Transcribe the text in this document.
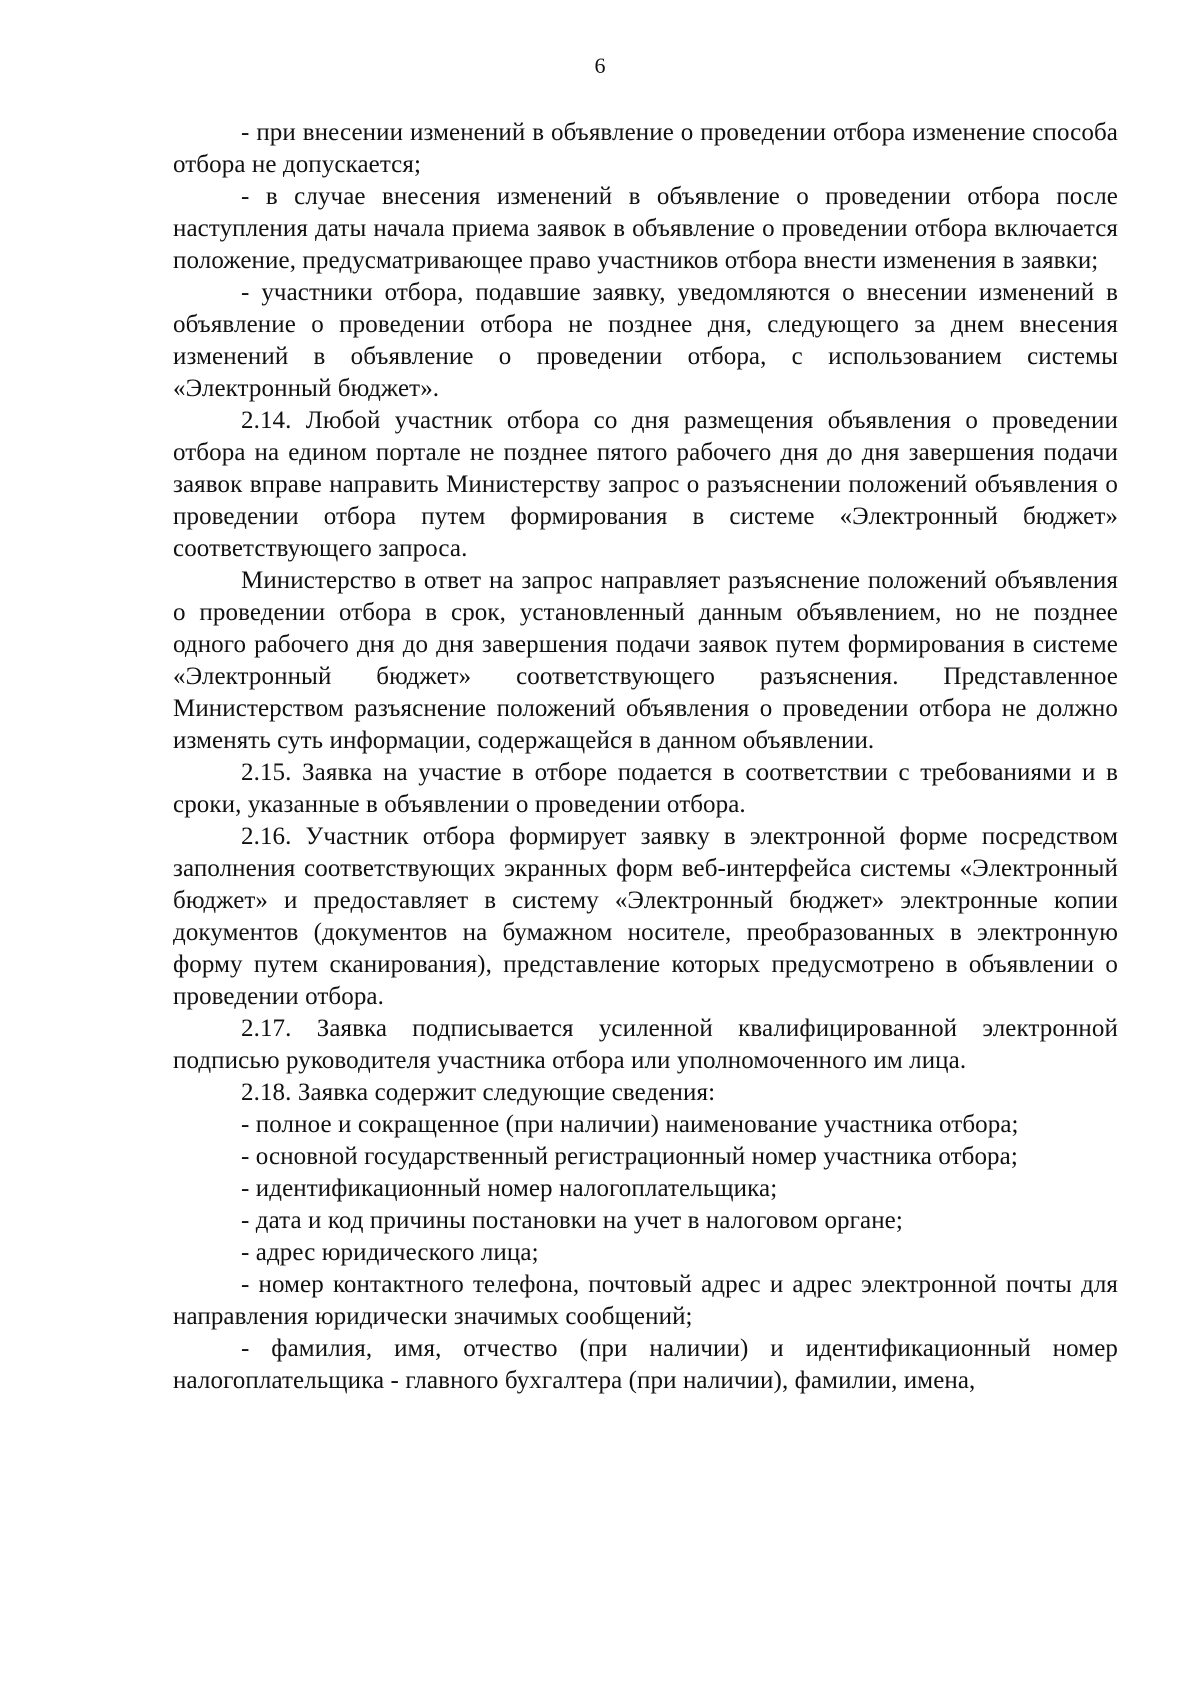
6

- при внесении изменений в объявление о проведении отбора изменение способа отбора не допускается;

- в случае внесения изменений в объявление о проведении отбора после наступления даты начала приема заявок в объявление о проведении отбора включается положение, предусматривающее право участников отбора внести изменения в заявки;

- участники отбора, подавшие заявку, уведомляются о внесении изменений в объявление о проведении отбора не позднее дня, следующего за днем внесения изменений в объявление о проведении отбора, с использованием системы «Электронный бюджет».

2.14. Любой участник отбора со дня размещения объявления о проведении отбора на едином портале не позднее пятого рабочего дня до дня завершения подачи заявок вправе направить Министерству запрос о разъяснении положений объявления о проведении отбора путем формирования в системе «Электронный бюджет» соответствующего запроса.

Министерство в ответ на запрос направляет разъяснение положений объявления о проведении отбора в срок, установленный данным объявлением, но не позднее одного рабочего дня до дня завершения подачи заявок путем формирования в системе «Электронный бюджет» соответствующего разъяснения. Представленное Министерством разъяснение положений объявления о проведении отбора не должно изменять суть информации, содержащейся в данном объявлении.

2.15. Заявка на участие в отборе подается в соответствии с требованиями и в сроки, указанные в объявлении о проведении отбора.

2.16. Участник отбора формирует заявку в электронной форме посредством заполнения соответствующих экранных форм веб-интерфейса системы «Электронный бюджет» и предоставляет в систему «Электронный бюджет» электронные копии документов (документов на бумажном носителе, преобразованных в электронную форму путем сканирования), представление которых предусмотрено в объявлении о проведении отбора.

2.17. Заявка подписывается усиленной квалифицированной электронной подписью руководителя участника отбора или уполномоченного им лица.

2.18. Заявка содержит следующие сведения:

- полное и сокращенное (при наличии) наименование участника отбора;

- основной государственный регистрационный номер участника отбора;

- идентификационный номер налогоплательщика;

- дата и код причины постановки на учет в налоговом органе;

- адрес юридического лица;

- номер контактного телефона, почтовый адрес и адрес электронной почты для направления юридически значимых сообщений;

- фамилия, имя, отчество (при наличии) и идентификационный номер налогоплательщика - главного бухгалтера (при наличии), фамилии, имена,
